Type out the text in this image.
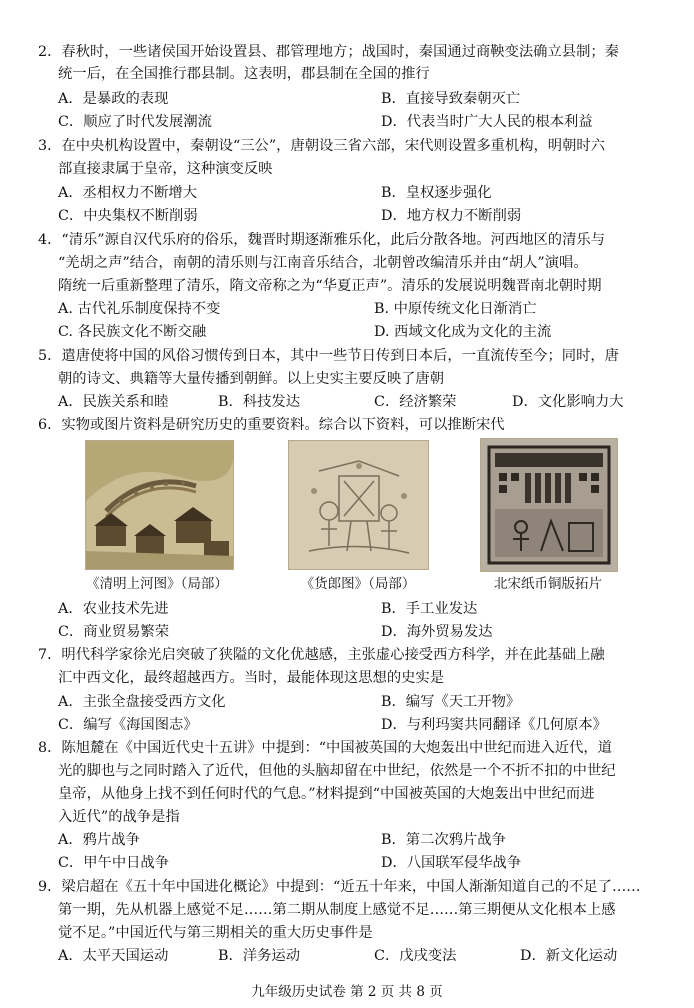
2．春秋时，一些诸侯国开始设置县、郡管理地方；战国时，秦国通过商鞅变法确立县制；秦
统一后，在全国推行郡县制。这表明，郡县制在全国的推行
A．是暴政的表现	B．直接导致秦朝灭亡
C．顺应了时代发展潮流	D．代表当时广大人民的根本利益
3．在中央机构设置中，秦朝设“三公”，唐朝设三省六部，宋代则设置多重机构，明朝时六
部直接隶属于皇帝，这种演变反映
A．丞相权力不断增大	B．皇权逐步强化
C．中央集权不断削弱	D．地方权力不断削弱
4．“清乐”源自汉代乐府的俗乐，魏晋时期逐渐雅乐化，此后分散各地。河西地区的清乐与
“羌胡之声”结合，南朝的清乐则与江南音乐结合，北朝曾改编清乐并由“胡人”演唱。
隋统一后重新整理了清乐，隋文帝称之为“华夏正声”。清乐的发展说明魏晋南北朝时期
A. 古代礼乐制度保持不变	B. 中原传统文化日渐消亡
C. 各民族文化不断交融	D. 西域文化成为文化的主流
5．遣唐使将中国的风俗习惯传到日本，其中一些节日传到日本后，一直流传至今；同时，唐
朝的诗文、典籍等大量传播到朝鲜。以上史实主要反映了唐朝
A．民族关系和睦	B．科技发达	C．经济繁荣	D．文化影响力大
6．实物或图片资料是研究历史的重要资料。综合以下资料，可以推断宋代
《清明上河图》（局部）	《货郎图》（局部）	北宋纸币铜版拓片
A．农业技术先进	B．手工业发达
C．商业贸易繁荣	D．海外贸易发达
7．明代科学家徐光启突破了狭隘的文化优越感，主张虚心接受西方科学，并在此基础上融
汇中西文化，最终超越西方。当时，最能体现这思想的史实是
A．主张全盘接受西方文化	B．编写《天工开物》
C．编写《海国图志》	D．与利玛窦共同翻译《几何原本》
8．陈旭麓在《中国近代史十五讲》中提到：“中国被英国的大炮轰出中世纪而进入近代，道
光的脚也与之同时踏入了近代，但他的头脑却留在中世纪，依然是一个不折不扣的中世纪
皇帝，从他身上找不到任何时代的气息。”材料提到“中国被英国的大炮轰出中世纪而进
入近代”的战争是指
A．鸦片战争	B．第二次鸦片战争
C．甲午中日战争	D．八国联军侵华战争
9．梁启超在《五十年中国进化概论》中提到：“近五十年来，中国人渐渐知道自己的不足了……
第一期，先从机器上感觉不足……第二期从制度上感觉不足……第三期便从文化根本上感
觉不足。”中国近代与第三期相关的重大历史事件是
A．太平天国运动	B．洋务运动	C．戊戌变法	D．新文化运动
九年级历史试卷 第 2 页 共 8 页
